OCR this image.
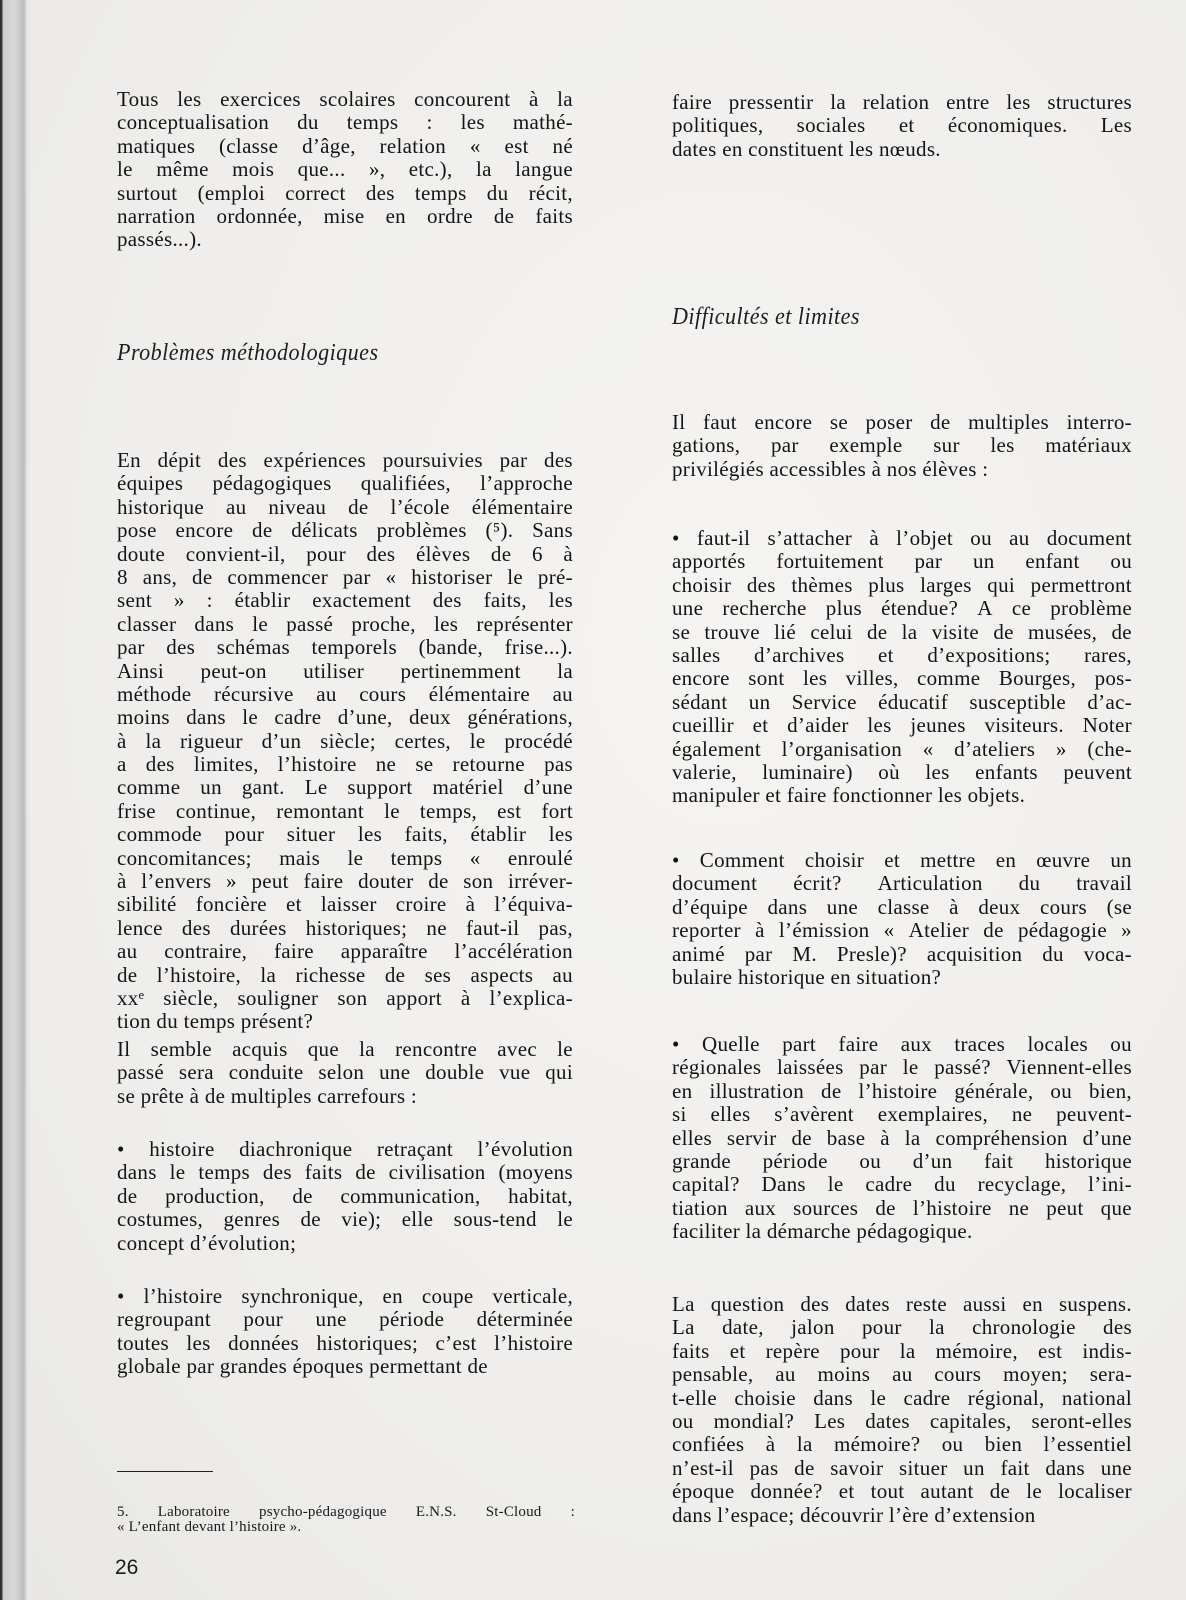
Tous les exercices scolaires concourent à la
conceptualisation du temps : les mathé-
matiques (classe d’âge, relation « est né
le même mois que... », etc.), la langue
surtout (emploi correct des temps du récit,
narration ordonnée, mise en ordre de faits
passés...).
Problèmes méthodologiques
En dépit des expériences poursuivies par des
équipes pédagogiques qualifiées, l’approche
historique au niveau de l’école élémentaire
pose encore de délicats problèmes (⁵). Sans
doute convient-il, pour des élèves de 6 à
8 ans, de commencer par « historiser le pré-
sent » : établir exactement des faits, les
classer dans le passé proche, les représenter
par des schémas temporels (bande, frise...).
Ainsi peut-on utiliser pertinemment la
méthode récursive au cours élémentaire au
moins dans le cadre d’une, deux générations,
à la rigueur d’un siècle; certes, le procédé
a des limites, l’histoire ne se retourne pas
comme un gant. Le support matériel d’une
frise continue, remontant le temps, est fort
commode pour situer les faits, établir les
concomitances; mais le temps « enroulé
à l’envers » peut faire douter de son irréver-
sibilité foncière et laisser croire à l’équiva-
lence des durées historiques; ne faut-il pas,
au contraire, faire apparaître l’accélération
de l’histoire, la richesse de ses aspects au
xxᵉ siècle, souligner son apport à l’explica-
tion du temps présent?
Il semble acquis que la rencontre avec le
passé sera conduite selon une double vue qui
se prête à de multiples carrefours :
• histoire diachronique retraçant l’évolution
dans le temps des faits de civilisation (moyens
de production, de communication, habitat,
costumes, genres de vie); elle sous-tend le
concept d’évolution;
• l’histoire synchronique, en coupe verticale,
regroupant pour une période déterminée
toutes les données historiques; c’est l’histoire
globale par grandes époques permettant de
5. Laboratoire psycho-pédagogique E.N.S. St-Cloud :
« L’enfant devant l’histoire ».
26
faire pressentir la relation entre les structures
politiques, sociales et économiques. Les
dates en constituent les nœuds.
Difficultés et limites
Il faut encore se poser de multiples interro-
gations, par exemple sur les matériaux
privilégiés accessibles à nos élèves :
• faut-il s’attacher à l’objet ou au document
apportés fortuitement par un enfant ou
choisir des thèmes plus larges qui permettront
une recherche plus étendue? A ce problème
se trouve lié celui de la visite de musées, de
salles d’archives et d’expositions; rares,
encore sont les villes, comme Bourges, pos-
sédant un Service éducatif susceptible d’ac-
cueillir et d’aider les jeunes visiteurs. Noter
également l’organisation « d’ateliers » (che-
valerie, luminaire) où les enfants peuvent
manipuler et faire fonctionner les objets.
• Comment choisir et mettre en œuvre un
document écrit? Articulation du travail
d’équipe dans une classe à deux cours (se
reporter à l’émission « Atelier de pédagogie »
animé par M. Presle)? acquisition du voca-
bulaire historique en situation?
• Quelle part faire aux traces locales ou
régionales laissées par le passé? Viennent-elles
en illustration de l’histoire générale, ou bien,
si elles s’avèrent exemplaires, ne peuvent-
elles servir de base à la compréhension d’une
grande période ou d’un fait historique
capital? Dans le cadre du recyclage, l’ini-
tiation aux sources de l’histoire ne peut que
faciliter la démarche pédagogique.
La question des dates reste aussi en suspens.
La date, jalon pour la chronologie des
faits et repère pour la mémoire, est indis-
pensable, au moins au cours moyen; sera-
t-elle choisie dans le cadre régional, national
ou mondial? Les dates capitales, seront-elles
confiées à la mémoire? ou bien l’essentiel
n’est-il pas de savoir situer un fait dans une
époque donnée? et tout autant de le localiser
dans l’espace; découvrir l’ère d’extension
